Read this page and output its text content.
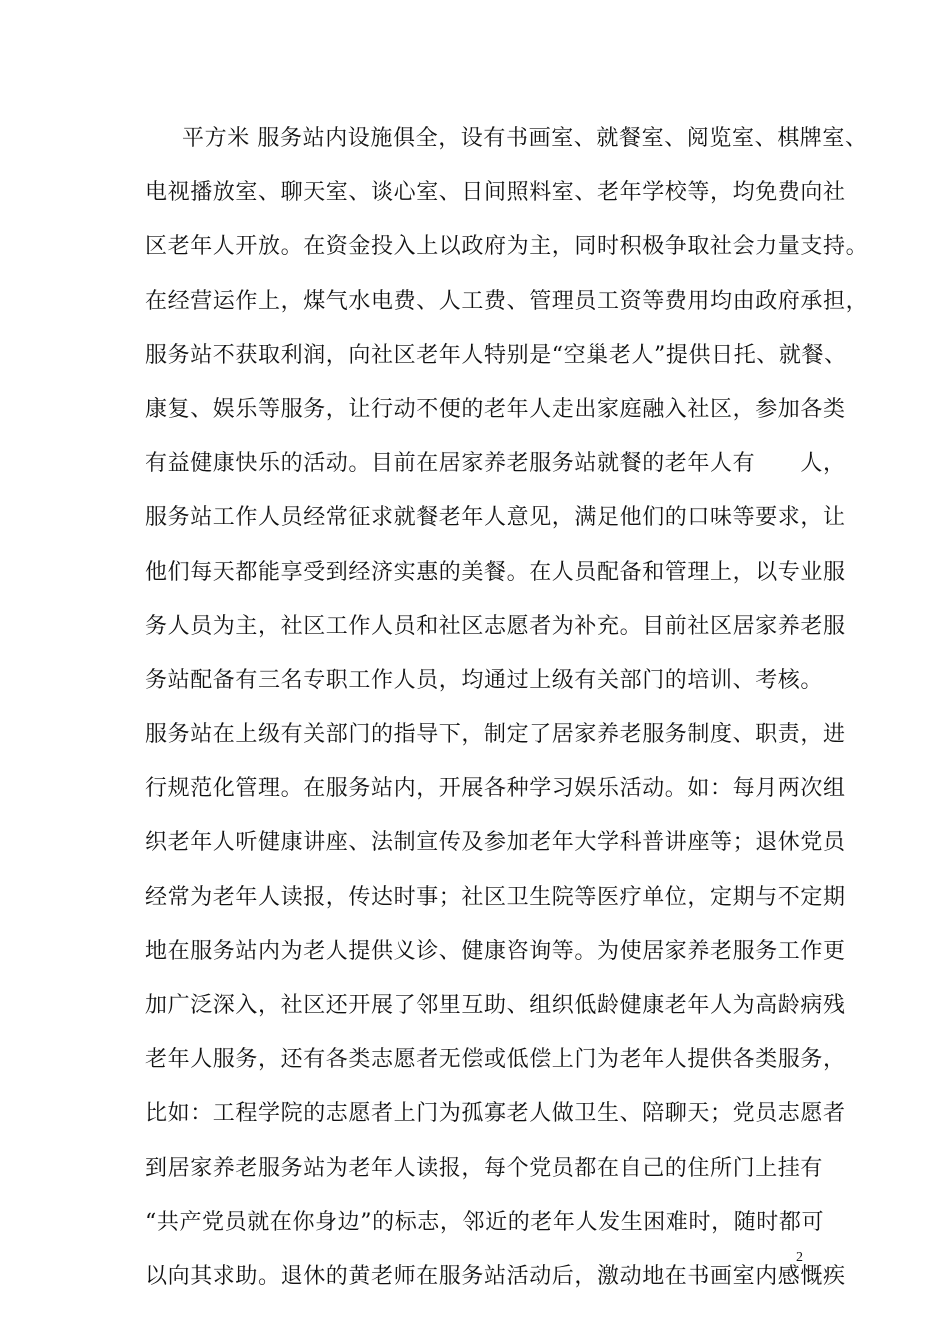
平方米 服务站内设施俱全，设有书画室、就餐室、阅览室、棋牌室、
电视播放室、聊天室、谈心室、日间照料室、老年学校等，均免费向社
区老年人开放。在资金投入上以政府为主，同时积极争取社会力量支持。
在经营运作上，煤气水电费、人工费、管理员工资等费用均由政府承担，
服务站不获取利润，向社区老年人特别是“空巢老人”提供日托、就餐、
康复、娱乐等服务，让行动不便的老年人走出家庭融入社区，参加各类
有益健康快乐的活动。目前在居家养老服务站就餐的老年人有　　人，
服务站工作人员经常征求就餐老年人意见，满足他们的口味等要求，让
他们每天都能享受到经济实惠的美餐。在人员配备和管理上，以专业服
务人员为主，社区工作人员和社区志愿者为补充。目前社区居家养老服
务站配备有三名专职工作人员，均通过上级有关部门的培训、考核。
服务站在上级有关部门的指导下，制定了居家养老服务制度、职责，进
行规范化管理。在服务站内，开展各种学习娱乐活动。如：每月两次组
织老年人听健康讲座、法制宣传及参加老年大学科普讲座等；退休党员
经常为老年人读报，传达时事；社区卫生院等医疗单位，定期与不定期
地在服务站内为老人提供义诊、健康咨询等。为使居家养老服务工作更
加广泛深入，社区还开展了邻里互助、组织低龄健康老年人为高龄病残
老年人服务，还有各类志愿者无偿或低偿上门为老年人提供各类服务，
比如：工程学院的志愿者上门为孤寡老人做卫生、陪聊天；党员志愿者
到居家养老服务站为老年人读报，每个党员都在自己的住所门上挂有
“共产党员就在你身边”的标志，邻近的老年人发生困难时，随时都可
以向其求助。退休的黄老师在服务站活动后，激动地在书画室内感慨疾
2
